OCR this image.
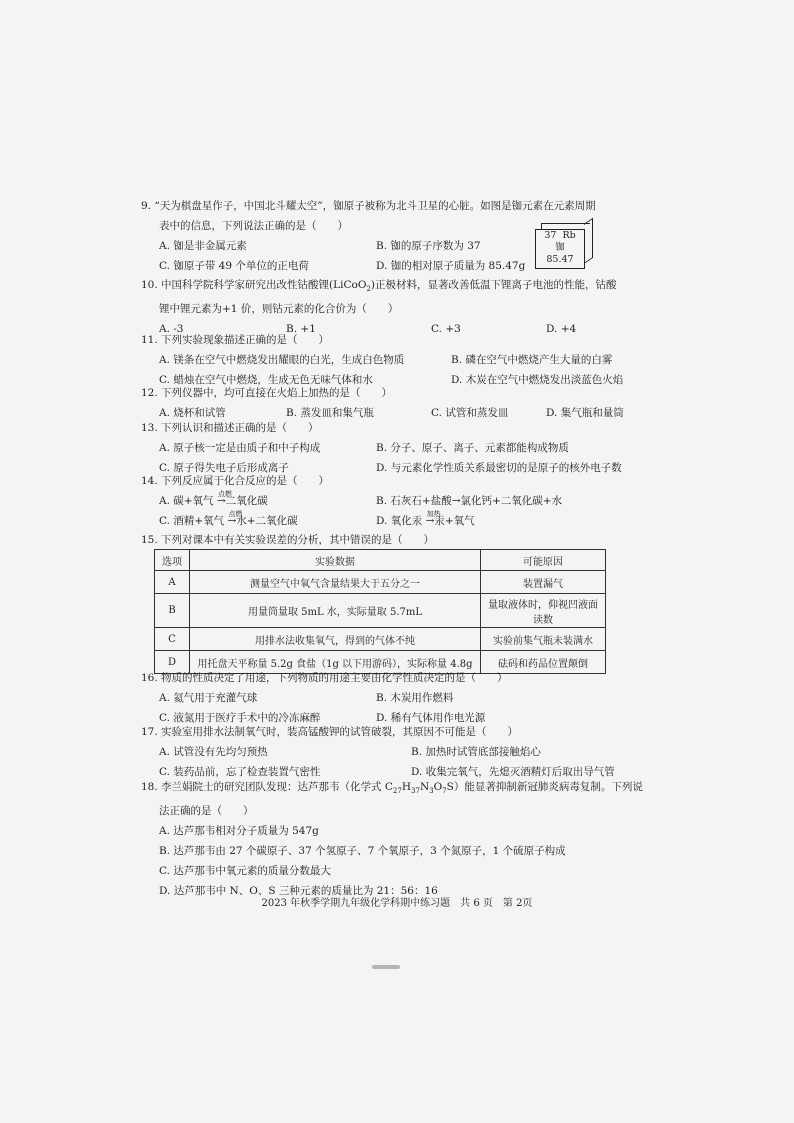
9. “天为棋盘星作子，中国北斗耀太空”，铷原子被称为北斗卫星的心脏。如图是铷元素在元素周期
表中的信息，下列说法正确的是（　　）
A. 铷是非金属元素	B. 铷的原子序数为 37
C. 铷原子带 49 个单位的正电荷	D. 铷的相对原子质量为 85.47g
37 Rb
铷
85.47
10. 中国科学院科学家研究出改性钴酸锂(LiCoO$_2$)正极材料，显著改善低温下锂离子电池的性能，钴酸
锂中锂元素为+1 价，则钴元素的化合价为（　　）
A. -3	B. +1	C. +3	D. +4
11. 下列实验现象描述正确的是（　　）
A. 镁条在空气中燃烧发出耀眼的白光，生成白色物质	B. 磷在空气中燃烧产生大量的白雾
C. 蜡烛在空气中燃烧，生成无色无味气体和水	D. 木炭在空气中燃烧发出淡蓝色火焰
12. 下列仪器中，均可直接在火焰上加热的是（　　）
A. 烧杯和试管	B. 蒸发皿和集气瓶	C. 试管和蒸发皿	D. 集气瓶和量筒
13. 下列认识和描述正确的是（　　）
A. 原子核一定是由质子和中子构成	B. 分子、原子、离子、元素都能构成物质
C. 原子得失电子后形成离子	D. 与元素化学性质关系最密切的是原子的核外电子数
14. 下列反应属于化合反应的是（　　）
A. 碳+氧气
点燃
→二氧化碳	B. 石灰石+盐酸→氯化钙+二氧化碳+水
C. 酒精+氧气
点燃
→水+二氧化碳	D. 氧化汞
加热
→汞+氧气
15. 下列对课本中有关实验误差的分析，其中错误的是（　　）
选项	实验数据	可能原因
A	测量空气中氧气含量结果大于五分之一	装置漏气
B	用量筒量取 5mL 水，实际量取 5.7mL	量取液体时，仰视凹液面读数
C	用排水法收集氧气，得到的气体不纯	实验前集气瓶未装满水
D	用托盘天平称量 5.2g 食盐（1g 以下用游码），实际称量 4.8g	砝码和药品位置颠倒
16. 物质的性质决定了用途，下列物质的用途主要由化学性质决定的是（　　）
A. 氦气用于充灌气球	B. 木炭用作燃料
C. 液氮用于医疗手术中的冷冻麻醉	D. 稀有气体用作电光源
17. 实验室用排水法制氧气时，装高锰酸钾的试管破裂，其原因不可能是（　　）
A. 试管没有先均匀预热	B. 加热时试管底部接触焰心
C. 装药品前，忘了检查装置气密性	D. 收集完氧气，先熄灭酒精灯后取出导气管
18. 李兰娟院士的研究团队发现：达芦那韦（化学式 $C_{27}H_{37}N_3O_7S$）能显著抑制新冠肺炎病毒复制。下列说
法正确的是（　　）
A. 达芦那韦相对分子质量为 547g
B. 达芦那韦由 27 个碳原子、37 个氢原子、7 个氧原子，3 个氮原子，1 个硫原子构成
C. 达芦那韦中氧元素的质量分数最大
D. 达芦那韦中 N、O、S 三种元素的质量比为 21：56：16
2023 年秋季学期九年级化学科期中练习题　共 6 页　第 2页
